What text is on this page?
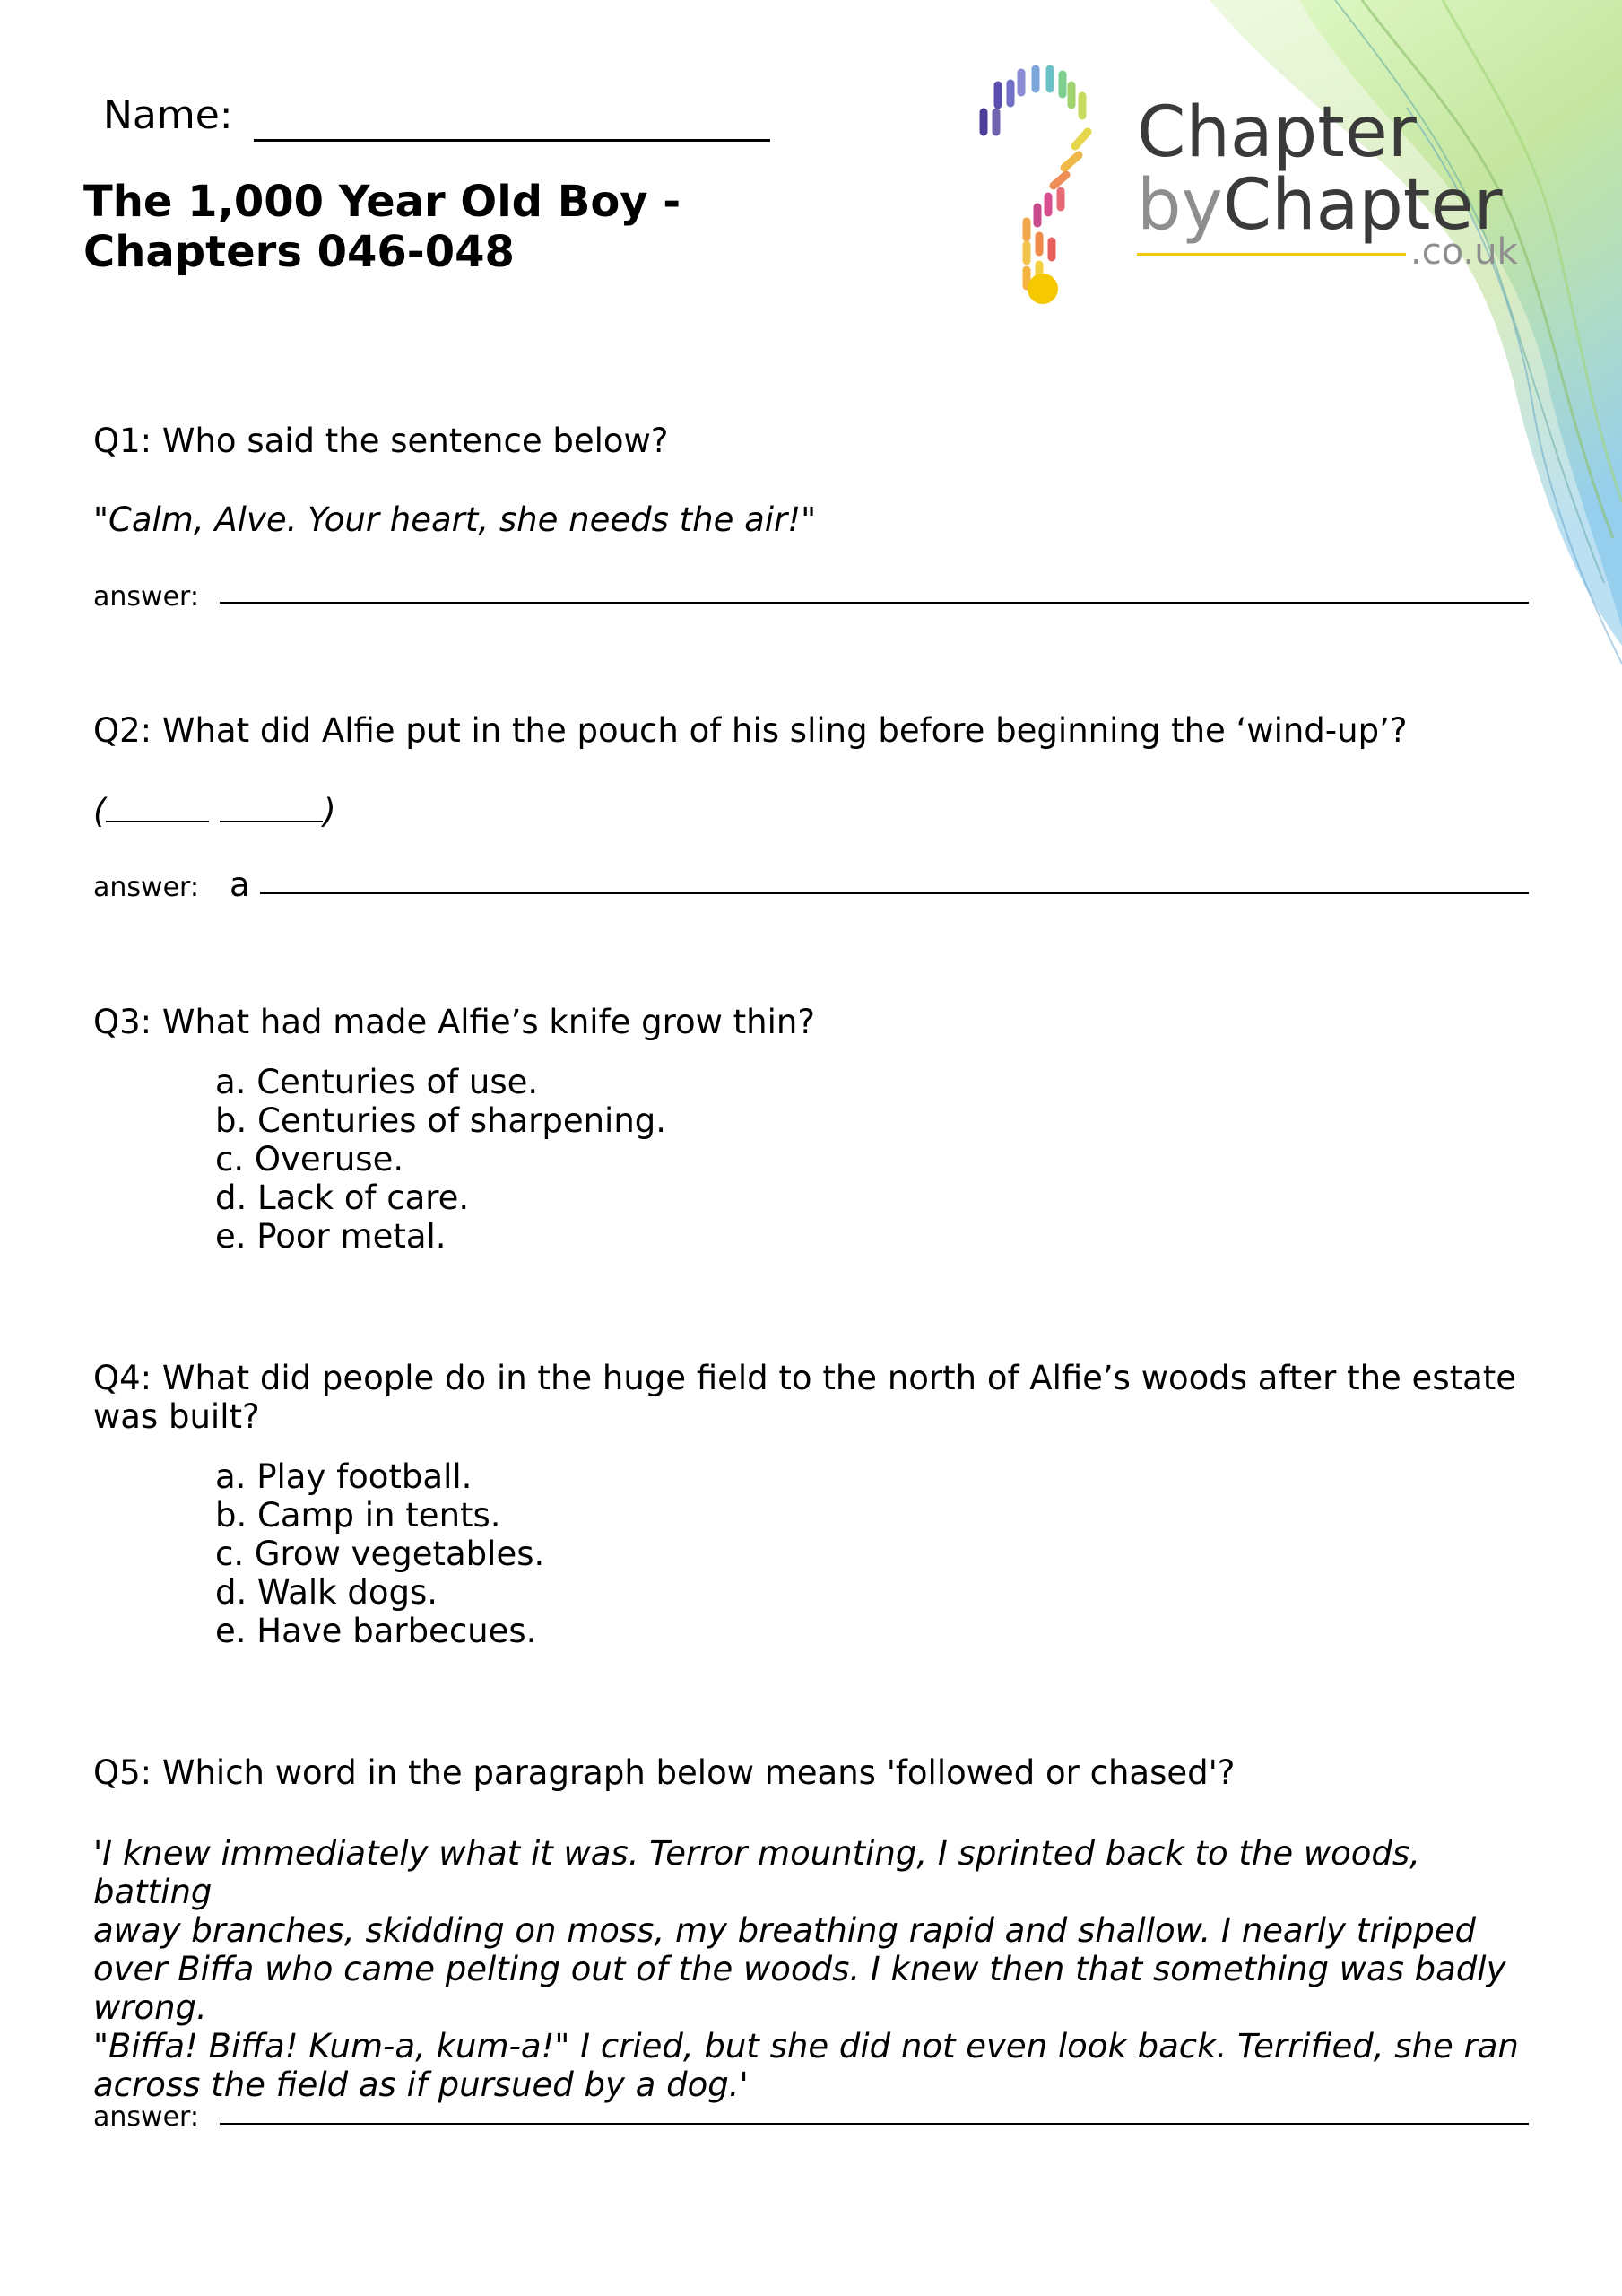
Name:
The 1,000 Year Old Boy -
Chapters 046-048
Chapter
byChapter
.co.uk
Q1: Who said the sentence below?
"Calm, Alve. Your heart, she needs the air!"
answer:
Q2: What did Alfie put in the pouch of his sling before beginning the ‘wind-up’?
(	)
answer: a
Q3: What had made Alfie’s knife grow thin?
a. Centuries of use.
b. Centuries of sharpening.
c. Overuse.
d. Lack of care.
e. Poor metal.
Q4: What did people do in the huge field to the north of Alfie’s woods after the estate
was built?
a. Play football.
b. Camp in tents.
c. Grow vegetables.
d. Walk dogs.
e. Have barbecues.
Q5: Which word in the paragraph below means 'followed or chased'?
'I knew immediately what it was. Terror mounting, I sprinted back to the woods, batting
away branches, skidding on moss, my breathing rapid and shallow. I nearly tripped
over Biffa who came pelting out of the woods. I knew then that something was badly
wrong.
"Biffa! Biffa! Kum-a, kum-a!" I cried, but she did not even look back. Terrified, she ran
across the field as if pursued by a dog.'
answer:
